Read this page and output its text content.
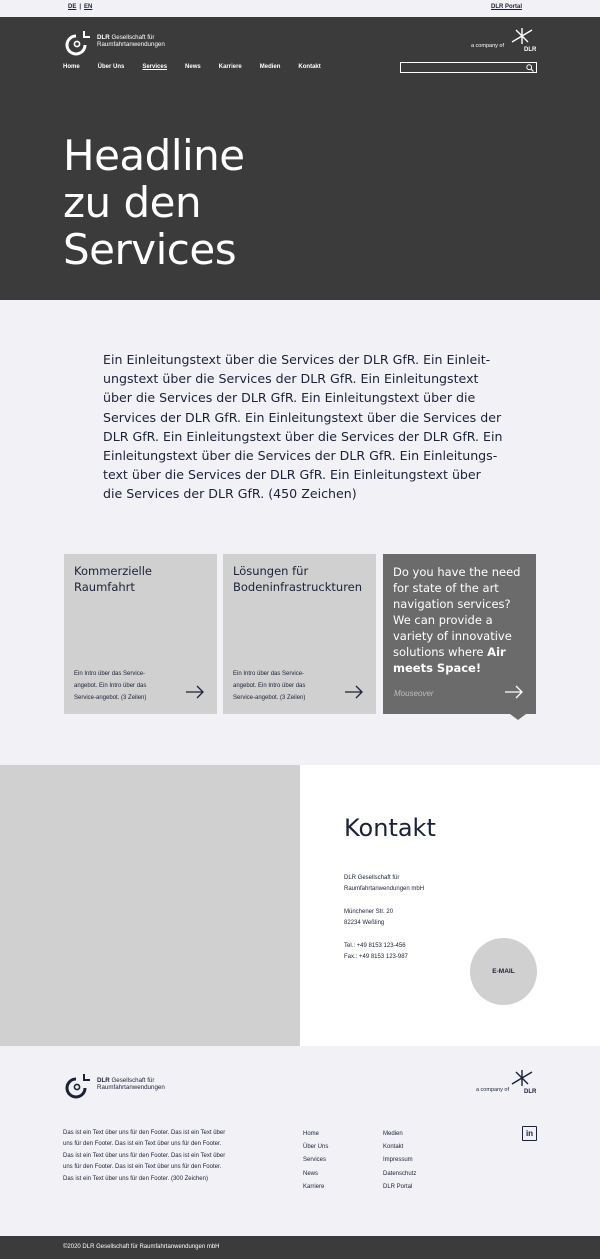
DE | EN	DLR Portal
DLR Gesellschaft für
Raumfahrtanwendungen	a company of
DLR
Home	Über Uns	Services	News	Karriere	Medien	Kontakt
Headline
zu den
Services
Ein Einleitungstext über die Services der DLR GfR. Ein Einleit-ungstext über die Services der DLR GfR. Ein Einleitungstext über die Services der DLR GfR. Ein Einleitungstext über die Services der DLR GfR. Ein Einleitungstext über die Services der DLR GfR. Ein Einleitungstext über die Services der DLR GfR. Ein Einleitungstext über die Services der DLR GfR. Ein Einleitungs-text über die Services der DLR GfR. Ein Einleitungstext über die Services der DLR GfR. (450 Zeichen)
Kommerzielle
Raumfahrt
Ein Intro über das Service-angebot. Ein Intro über das Service-angebot. (3 Zeilen)
Lösungen für
Bodeninfrastruckturen
Ein Intro über das Service-angebot. Ein Intro über das Service-angebot. (3 Zeilen)
Do you have the need for state of the art navigation services? We can provide a variety of innovative solutions where Air meets Space!
Mouseover
Kontakt
DLR Gesellschaft für
Raumfahrtanwendungen mbH
Münchener Str. 20
82234 Weßling
Tel.: +49 8153 123-456
Fax.: +49 8153 123-987
E-MAIL
DLR Gesellschaft für
Raumfahrtanwendungen	a company of	DLR
Das ist ein Text über uns für den Footer. Das ist ein Text über uns für den Footer. Das ist ein Text über uns für den Footer. Das ist ein Text über uns für den Footer. Das ist ein Text über uns für den Footer. Das ist ein Text über uns für den Footer. Das ist ein Text über uns für den Footer. (300 Zeichen)
Home
Über Uns
Services
News
Karriere
Medien
Kontakt
Impressum
Datenschutz
DLR Portal
in
©2020 DLR Gesellschaft für Raumfahrtanwendungen mbH
